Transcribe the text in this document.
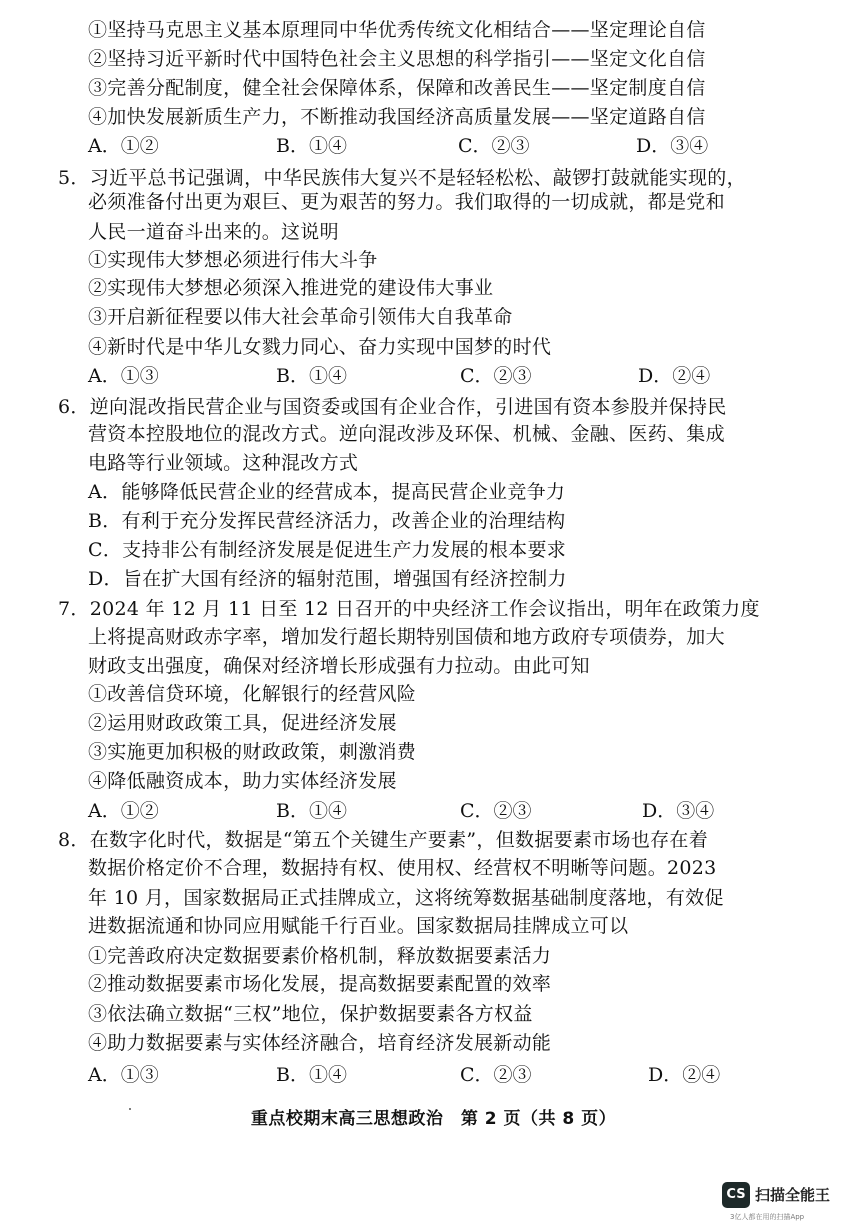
①坚持马克思主义基本原理同中华优秀传统文化相结合——坚定理论自信
②坚持习近平新时代中国特色社会主义思想的科学指引——坚定文化自信
③完善分配制度，健全社会保障体系，保障和改善民生——坚定制度自信
④加快发展新质生产力，不断推动我国经济高质量发展——坚定道路自信
A．①②	B．①④	C．②③	D．③④
5．习近平总书记强调，中华民族伟大复兴不是轻轻松松、敲锣打鼓就能实现的，
必须准备付出更为艰巨、更为艰苦的努力。我们取得的一切成就，都是党和
人民一道奋斗出来的。这说明
①实现伟大梦想必须进行伟大斗争
②实现伟大梦想必须深入推进党的建设伟大事业
③开启新征程要以伟大社会革命引领伟大自我革命
④新时代是中华儿女戮力同心、奋力实现中国梦的时代
A．①③	B．①④	C．②③	D．②④
6．逆向混改指民营企业与国资委或国有企业合作，引进国有资本参股并保持民
营资本控股地位的混改方式。逆向混改涉及环保、机械、金融、医药、集成
电路等行业领域。这种混改方式
A．能够降低民营企业的经营成本，提高民营企业竞争力
B．有利于充分发挥民营经济活力，改善企业的治理结构
C．支持非公有制经济发展是促进生产力发展的根本要求
D．旨在扩大国有经济的辐射范围，增强国有经济控制力
7．2024 年 12 月 11 日至 12 日召开的中央经济工作会议指出，明年在政策力度
上将提高财政赤字率，增加发行超长期特别国债和地方政府专项债券，加大
财政支出强度，确保对经济增长形成强有力拉动。由此可知
①改善信贷环境，化解银行的经营风险
②运用财政政策工具，促进经济发展
③实施更加积极的财政政策，刺激消费
④降低融资成本，助力实体经济发展
A．①②	B．①④	C．②③	D．③④
8．在数字化时代，数据是“第五个关键生产要素”，但数据要素市场也存在着
数据价格定价不合理，数据持有权、使用权、经营权不明晰等问题。2023
年 10 月，国家数据局正式挂牌成立，这将统筹数据基础制度落地，有效促
进数据流通和协同应用赋能千行百业。国家数据局挂牌成立可以
①完善政府决定数据要素价格机制，释放数据要素活力
②推动数据要素市场化发展，提高数据要素配置的效率
③依法确立数据“三权”地位，保护数据要素各方权益
④助力数据要素与实体经济融合，培育经济发展新动能
A．①③	B．①④	C．②③	D．②④
重点校期末高三思想政治　第 2 页（共 8 页）
CS 扫描全能王
3亿人都在用的扫描App
